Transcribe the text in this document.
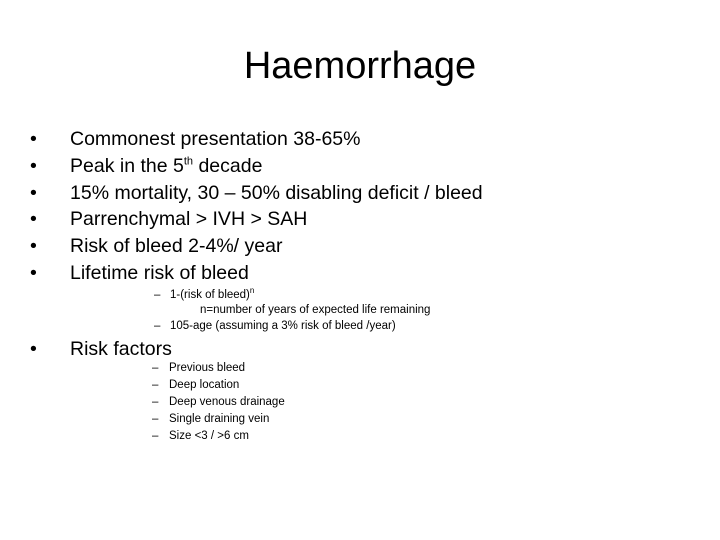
Haemorrhage
•	Commonest presentation 38-65%
•	Peak in the 5th decade
•	15% mortality, 30 – 50% disabling deficit / bleed
•	Parrenchymal > IVH > SAH
•	Risk of bleed 2-4%/ year
•	Lifetime risk of bleed
– 1-(risk of bleed)$^n$
n=number of years of expected life remaining
– 105-age (assuming a 3% risk of bleed /year)
•	Risk factors
– Previous bleed
– Deep location
– Deep venous drainage
– Single draining vein
– Size <3 / >6 cm
